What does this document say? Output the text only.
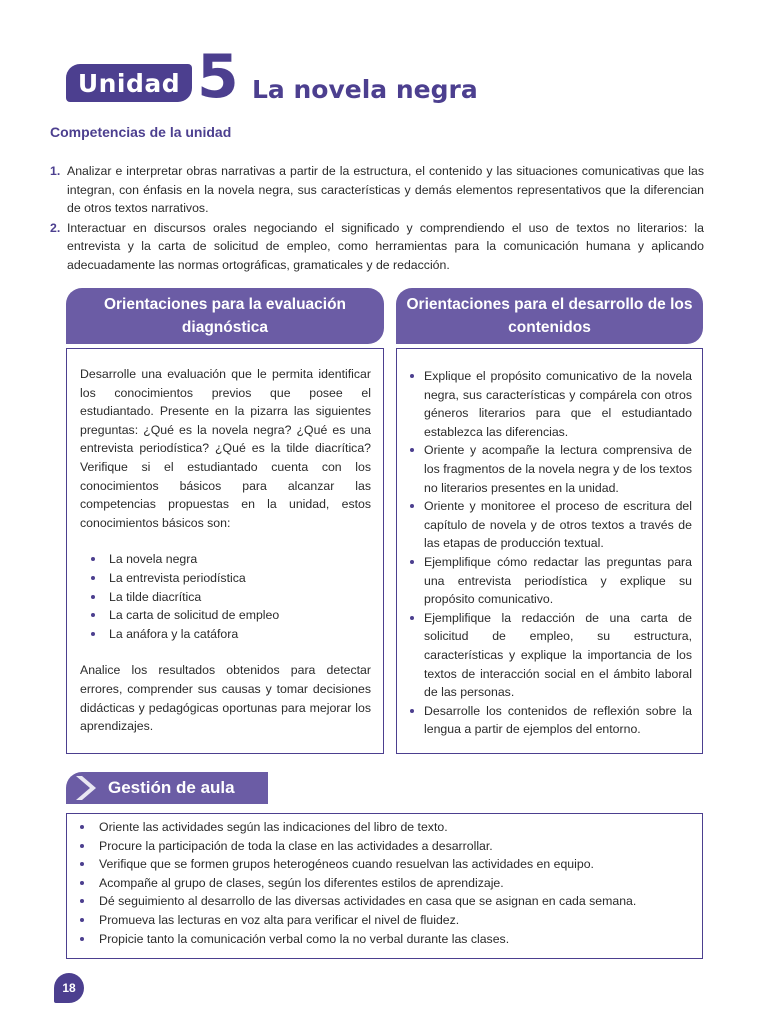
Unidad 5 La novela negra
Competencias de la unidad
1. Analizar e interpretar obras narrativas a partir de la estructura, el contenido y las situaciones comunicativas que las integran, con énfasis en la novela negra, sus características y demás elementos representativos que la diferencian de otros textos narrativos.
2. Interactuar en discursos orales negociando el significado y comprendiendo el uso de textos no literarios: la entrevista y la carta de solicitud de empleo, como herramientas para la comunicación humana y aplicando adecuadamente las normas ortográficas, gramaticales y de redacción.
Orientaciones para la evaluación diagnóstica

Desarrolle una evaluación que le permita identificar los conocimientos previos que posee el estudiantado. Presente en la pizarra las siguientes preguntas: ¿Qué es la novela negra? ¿Qué es una entrevista periodística? ¿Qué es la tilde diacrítica? Verifique si el estudiantado cuenta con los conocimientos básicos para alcanzar las competencias propuestas en la unidad, estos conocimientos básicos son:

La novela negra
La entrevista periodística
La tilde diacrítica
La carta de solicitud de empleo
La anáfora y la catáfora

Analice los resultados obtenidos para detectar errores, comprender sus causas y tomar decisiones didácticas y pedagógicas oportunas para mejorar los aprendizajes.

Orientaciones para el desarrollo de los contenidos
Explique el propósito comunicativo de la novela negra, sus características y compárela con otros géneros literarios para que el estudiantado establezca las diferencias.
Oriente y acompañe la lectura comprensiva de los fragmentos de la novela negra y de los textos no literarios presentes en la unidad.
Oriente y monitoree el proceso de escritura del capítulo de novela y de otros textos a través de las etapas de producción textual.
Ejemplifique cómo redactar las preguntas para una entrevista periodística y explique su propósito comunicativo.
Ejemplifique la redacción de una carta de solicitud de empleo, su estructura, características y explique la importancia de los textos de interacción social en el ámbito laboral de las personas.
Desarrolle los contenidos de reflexión sobre la lengua a partir de ejemplos del entorno.
Gestión de aula
Oriente las actividades según las indicaciones del libro de texto.
Procure la participación de toda la clase en las actividades a desarrollar.
Verifique que se formen grupos heterogéneos cuando resuelvan las actividades en equipo.
Acompañe al grupo de clases, según los diferentes estilos de aprendizaje.
Dé seguimiento al desarrollo de las diversas actividades en casa que se asignan en cada semana.
Promueva las lecturas en voz alta para verificar el nivel de fluidez.
Propicie tanto la comunicación verbal como la no verbal durante las clases.
18
